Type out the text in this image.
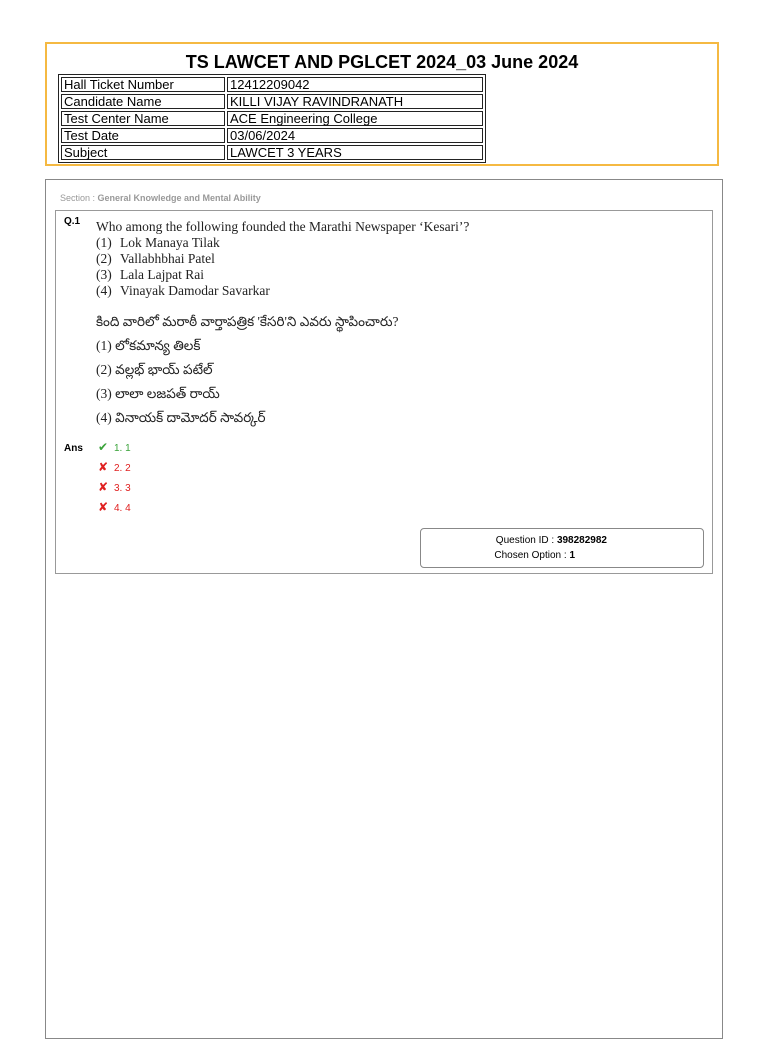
TS LAWCET AND PGLCET 2024_03 June 2024
Hall Ticket Number	12412209042
Candidate Name	KILLI VIJAY RAVINDRANATH
Test Center Name	ACE Engineering College
Test Date	03/06/2024
Subject	LAWCET 3 YEARS
Section : General Knowledge and Mental Ability
Q.1 Who among the following founded the Marathi Newspaper ‘Kesari’?
(1) Lok Manaya Tilak
(2) Vallabhbhai Patel
(3) Lala Lajpat Rai
(4) Vinayak Damodar Savarkar
కింది వారిలో మరాఠీ వార్తాపత్రిక 'కేసరి'ని ఎవరు స్థాపించారు?
(1) లోకమాన్య తిలక్
(2) వల్లభ్ భాయ్ పటేల్
(3) లాలా లజపత్ రాయ్
(4) వినాయక్ దామోదర్ సావర్కర్
Ans ✔ 1. 1
✘ 2. 2
✘ 3. 3
✘ 4. 4
Question ID : 398282982
Chosen Option : 1
